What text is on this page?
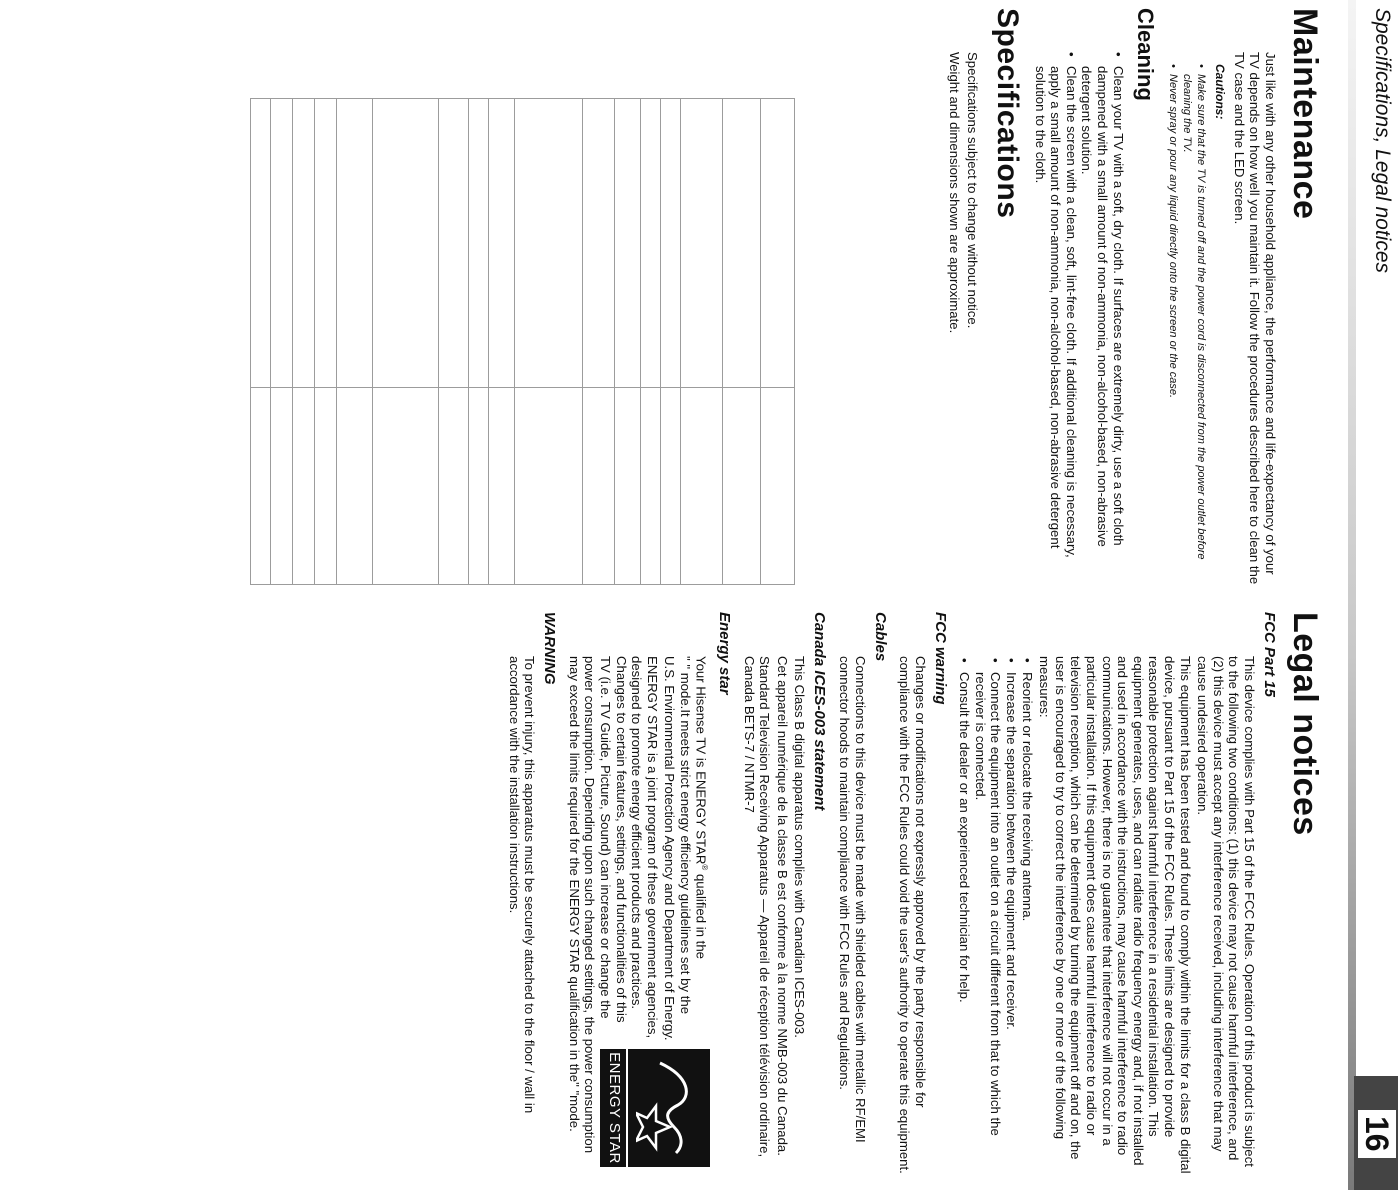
Specifications, Legal notices
16
Maintenance

Just like with any other household appliance, the performance and life-expectancy of your TV depends on how well you maintain it. Follow the procedures described here to clean the TV case and the LED screen.

Cautions:
• Make sure that the TV is turned off and the power cord is disconnected from the power outlet before cleaning the TV.
• Never spray or pour any liquid directly onto the screen or the case.
Cleaning
• Clean your TV with a soft, dry cloth. If surfaces are extremely dirty, use a soft cloth dampened with a small amount of non-ammonia, non-alcohol-based, non-abrasive detergent solution.
• Clean the screen with a clean, soft, lint-free cloth. If additional cleaning is necessary, apply a small amount of non-ammonia, non-alcohol-based, non-abrasive detergent solution to the cloth.
Specifications

Specifications subject to change without notice.

Weight and dimensions shown are approximate.

Legal notices
FCC Part 15

This device complies with Part 15 of the FCC Rules. Operation of this product is subject to the following two conditions: (1) this device may not cause harmful interference, and (2) this device must accept any interference received, including interference that may cause undesired operation.

This equipment has been tested and found to comply within the limits for a class B digital device, pursuant to Part 15 of the FCC Rules. These limits are designed to provide reasonable protection against harmful interference in a residential installation. This equipment generates, uses, and can radiate radio frequency energy and, if not installed and used in accordance with the instructions, may cause harmful interference to radio communications. However, there is no guarantee that interference will not occur in a particular installation. If this equipment does cause harmful interference to radio or television reception, which can be determined by turning the equipment off and on, the user is encouraged to try to correct the interference by one or more of the following measures:

• Reorient or relocate the receiving antenna.
• Increase the separation between the equipment and receiver.
• Connect the equipment into an outlet on a circuit different from that to which the receiver is connected.
• Consult the dealer or an experienced technician for help.
FCC warning

Changes or modifications not expressly approved by the party responsible for compliance with the FCC Rules could void the user's authority to operate this equipment.

Cables

Connections to this device must be made with shielded cables with metallic RF/EMI connector hoods to maintain compliance with FCC Rules and Regulations.

Canada ICES-003 statement

This Class B digital apparatus complies with Canadian ICES-003.

Cet appareil numérique de la classe B est conforme à la norme NMB-003 du Canada.

Standard Television Receiving Apparatus — Appareil de réception télévision ordinaire, Canada BETS-7 / NTMR-7

Energy star
ENERGY STAR

Your Hisense TV is ENERGY STAR® qualified in the
" " mode.It meets strict energy efficiency guidelines set by the U.S. Environmental Protection Agency and Department of Energy.

ENERGY STAR is a joint program of these government agencies, designed to promote energy efficient products and practices. Changes to certain features, settings, and functionalities of this TV (i.e. TV Guide, Picture, Sound) can increase or change the power consumption. Depending upon such changed settings, the power consumption may exceed the limits required for the ENERGY STAR qualification in the" "mode.

WARNING

To prevent injury, this apparatus must be securely attached to the floor / wall in accordance with the installation instructions.
